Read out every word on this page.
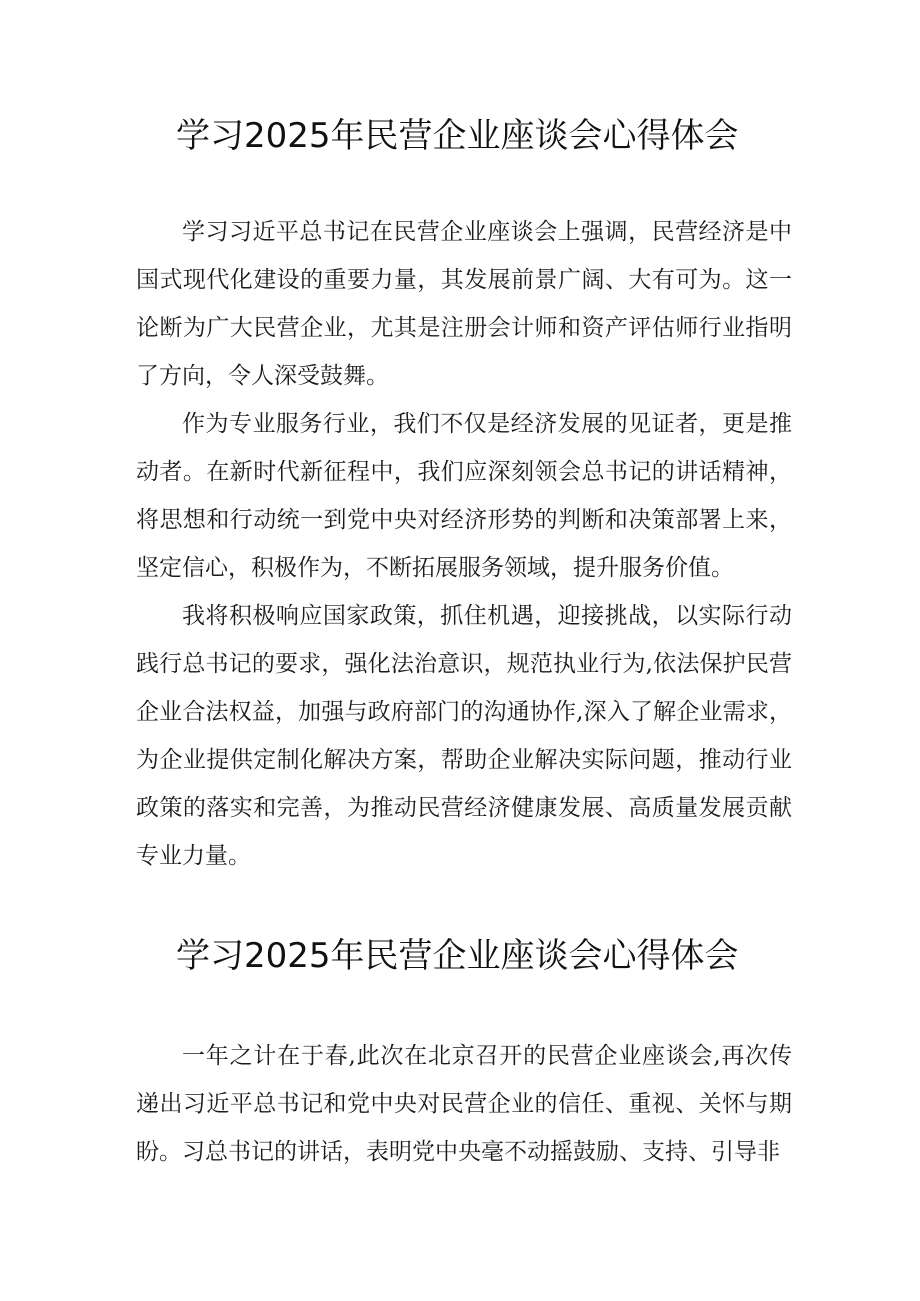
学习2025年民营企业座谈会心得体会

学习习近平总书记在民营企业座谈会上强调，民营经济是中国式现代化建设的重要力量，其发展前景广阔、大有可为。这一论断为广大民营企业，尤其是注册会计师和资产评估师行业指明了方向，令人深受鼓舞。

作为专业服务行业，我们不仅是经济发展的见证者，更是推动者。在新时代新征程中，我们应深刻领会总书记的讲话精神，将思想和行动统一到党中央对经济形势的判断和决策部署上来，坚定信心，积极作为，不断拓展服务领域，提升服务价值。

我将积极响应国家政策，抓住机遇，迎接挑战，以实际行动践行总书记的要求，强化法治意识，规范执业行为,依法保护民营企业合法权益，加强与政府部门的沟通协作,深入了解企业需求，为企业提供定制化解决方案，帮助企业解决实际问题，推动行业政策的落实和完善，为推动民营经济健康发展、高质量发展贡献专业力量。

学习2025年民营企业座谈会心得体会

一年之计在于春,此次在北京召开的民营企业座谈会,再次传递出习近平总书记和党中央对民营企业的信任、重视、关怀与期盼。习总书记的讲话，表明党中央毫不动摇鼓励、支持、引导非
